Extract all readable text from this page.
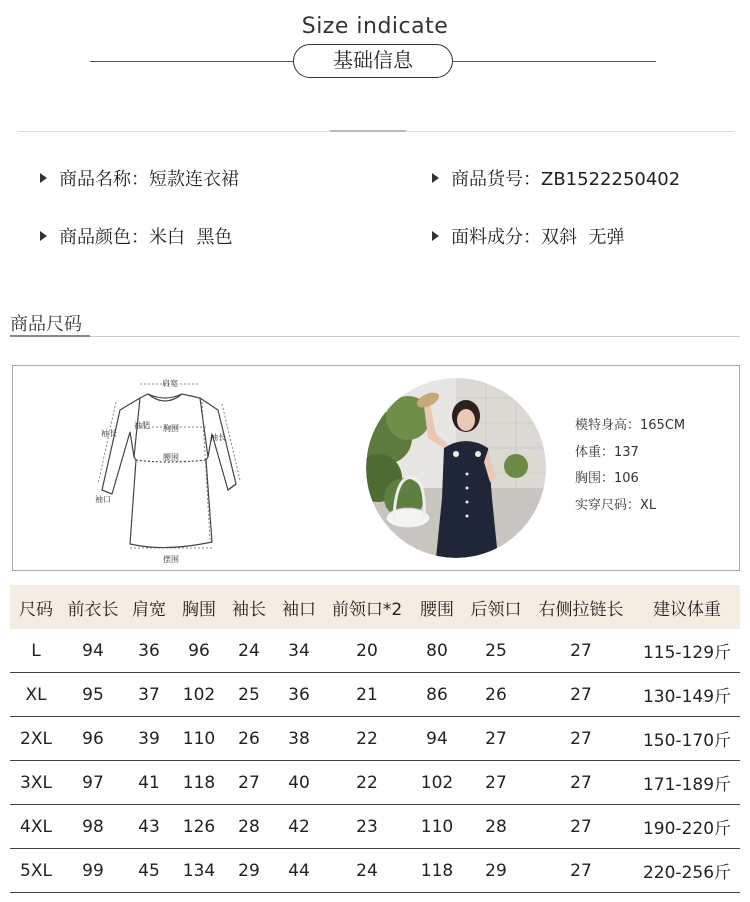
Size indicate
基础信息
商品名称：短款连衣裙	商品货号：ZB1522250402
商品颜色：米白  黑色	面料成分：双斜  无弹
商品尺码
肩宽
袖长
袖肥 胸围
袖长
腰围
袖口
摆围
模特身高：165CM
体重：137
胸围：106
实穿尺码：XL
尺码	前衣长	肩宽	胸围	袖长	袖口	前领口*2	腰围	后领口	右侧拉链长	建议体重
L	94	36	96	24	34	20	80	25	27	115-129斤
XL	95	37	102	25	36	21	86	26	27	130-149斤
2XL	96	39	110	26	38	22	94	27	27	150-170斤
3XL	97	41	118	27	40	22	102	27	27	171-189斤
4XL	98	43	126	28	42	23	110	28	27	190-220斤
5XL	99	45	134	29	44	24	118	29	27	220-256斤
